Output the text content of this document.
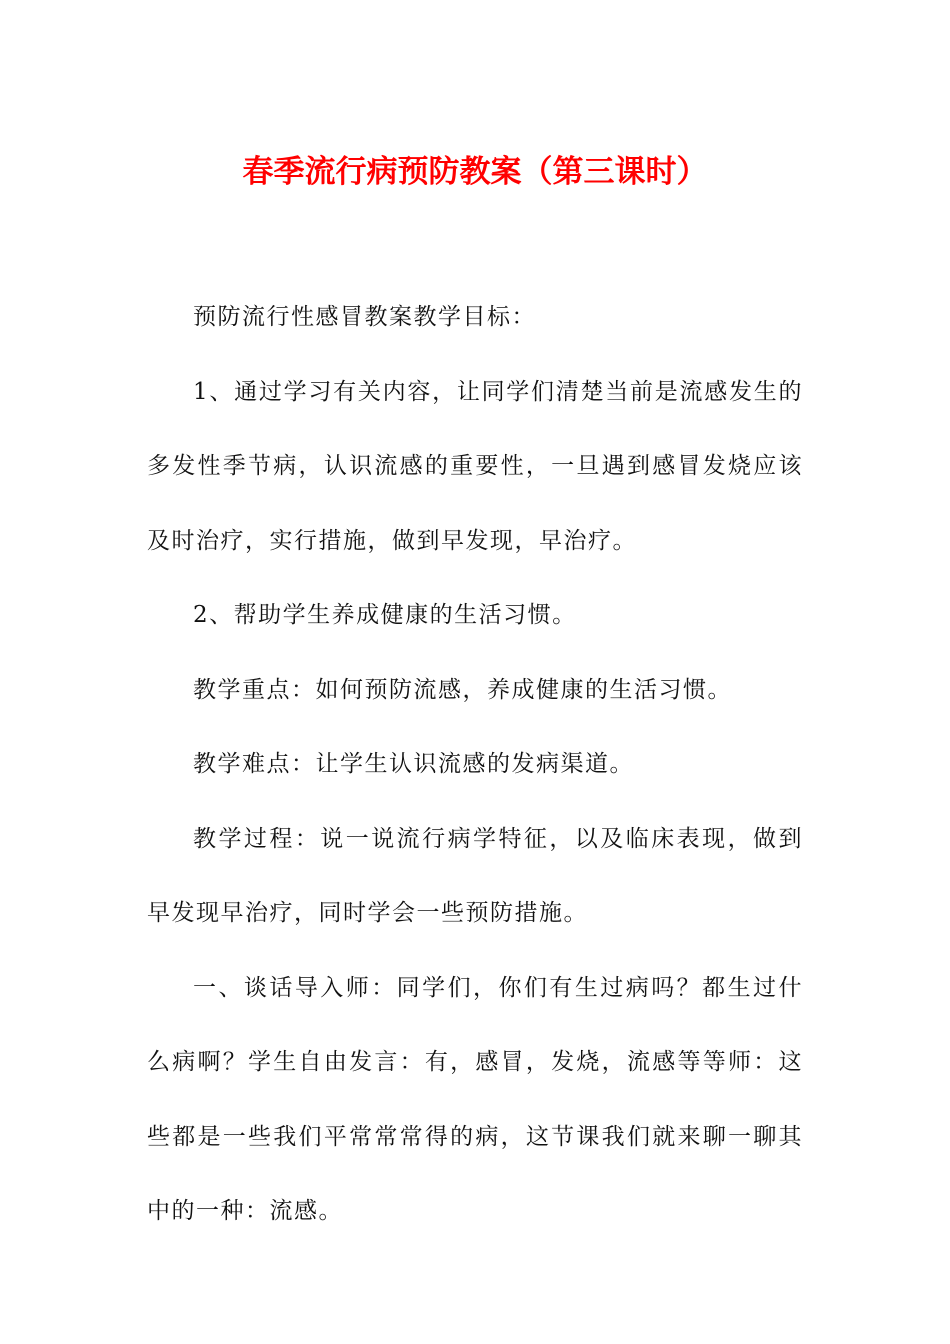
春季流行病预防教案（第三课时）

预防流行性感冒教案教学目标：

1、通过学习有关内容，让同学们清楚当前是流感发生的多发性季节病，认识流感的重要性，一旦遇到感冒发烧应该及时治疗，实行措施，做到早发现，早治疗。

2、帮助学生养成健康的生活习惯。

教学重点：如何预防流感，养成健康的生活习惯。

教学难点：让学生认识流感的发病渠道。

教学过程：说一说流行病学特征，以及临床表现，做到早发现早治疗，同时学会一些预防措施。

一、谈话导入师：同学们，你们有生过病吗？都生过什么病啊？学生自由发言：有，感冒，发烧，流感等等师：这些都是一些我们平常常常得的病，这节课我们就来聊一聊其中的一种：流感。
